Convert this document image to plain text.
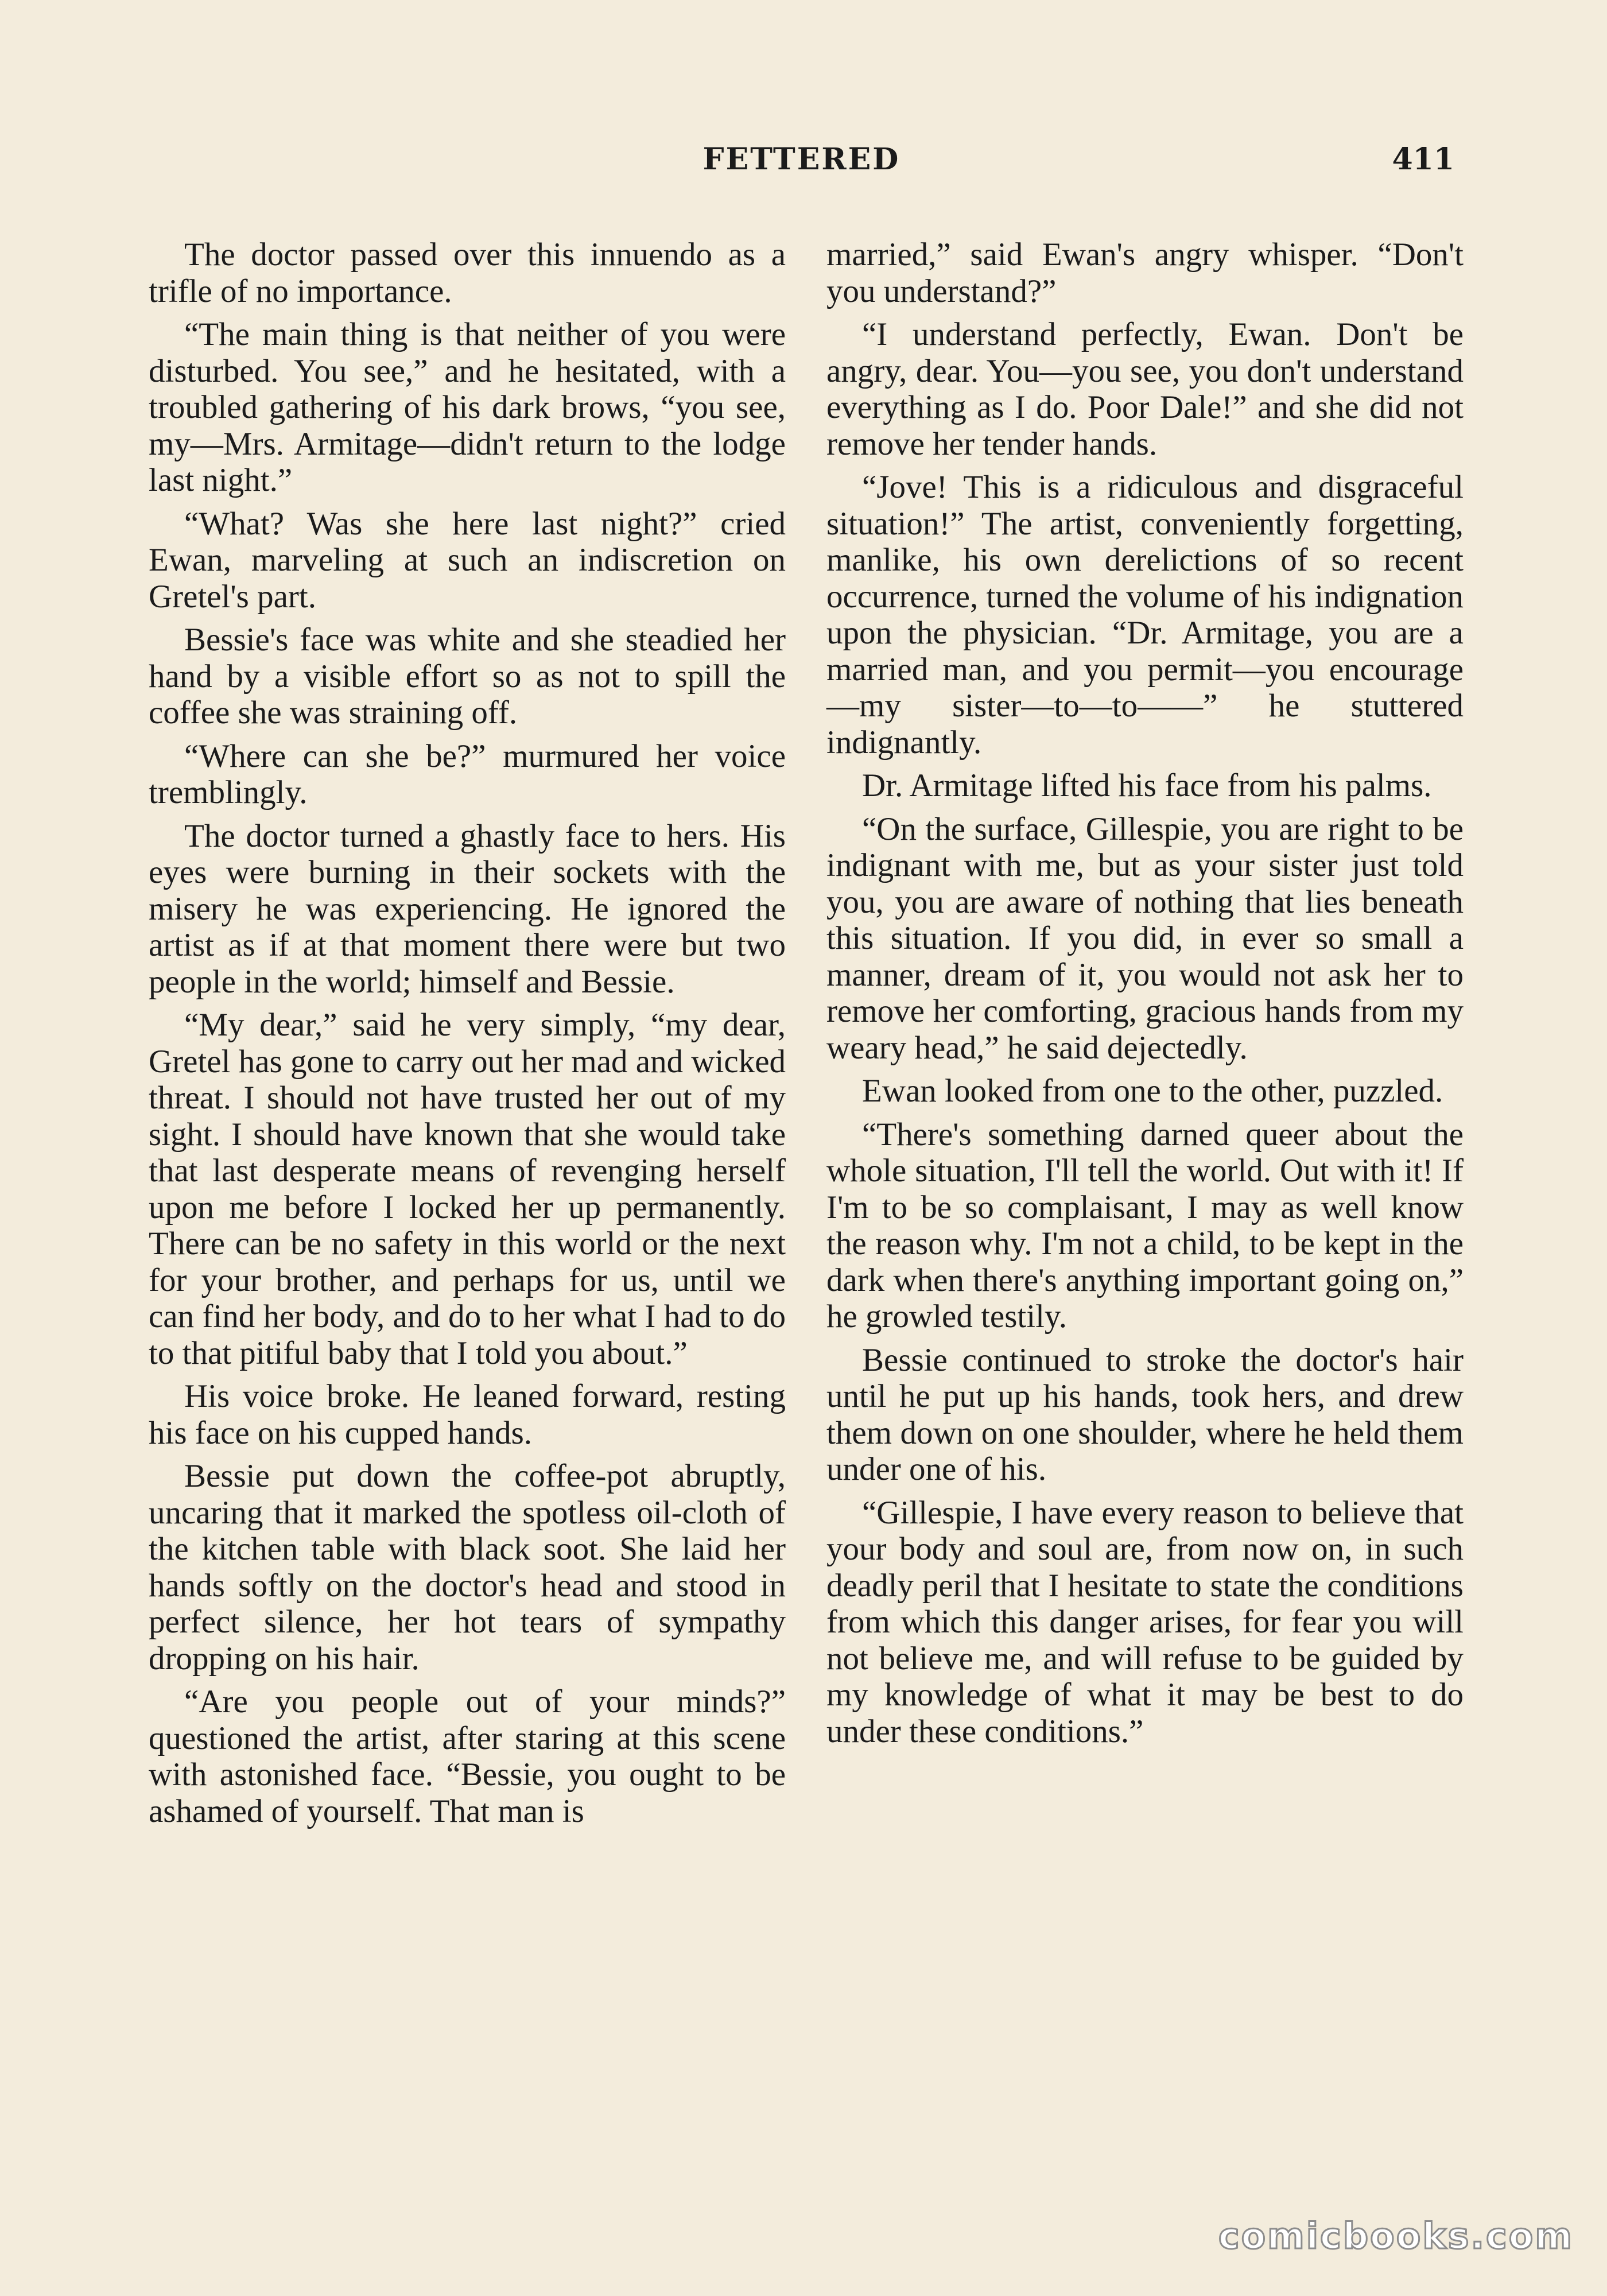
FETTERED	411

The doctor passed over this innuendo as a trifle of no importance.

“The main thing is that neither of you were disturbed. You see,” and he hesitated, with a troubled gathering of his dark brows, “you see, my—Mrs. Armitage—didn't return to the lodge last night.”

“What? Was she here last night?” cried Ewan, marveling at such an indiscretion on Gretel's part.

Bessie's face was white and she steadied her hand by a visible effort so as not to spill the coffee she was straining off.

“Where can she be?” murmured her voice tremblingly.

The doctor turned a ghastly face to hers. His eyes were burning in their sockets with the misery he was experiencing. He ignored the artist as if at that moment there were but two people in the world; himself and Bessie.

“My dear,” said he very simply, “my dear, Gretel has gone to carry out her mad and wicked threat. I should not have trusted her out of my sight. I should have known that she would take that last desperate means of revenging herself upon me before I locked her up permanently. There can be no safety in this world or the next for your brother, and perhaps for us, until we can find her body, and do to her what I had to do to that pitiful baby that I told you about.”

His voice broke. He leaned forward, resting his face on his cupped hands.

Bessie put down the coffee-pot abruptly, uncaring that it marked the spotless oil-cloth of the kitchen table with black soot. She laid her hands softly on the doctor's head and stood in perfect silence, her hot tears of sympathy dropping on his hair.

“Are you people out of your minds?” questioned the artist, after staring at this scene with astonished face. “Bessie, you ought to be ashamed of yourself. That man is

married,” said Ewan's angry whisper. “Don't you understand?”

“I understand perfectly, Ewan. Don't be angry, dear. You—you see, you don't understand everything as I do. Poor Dale!” and she did not remove her tender hands.

“Jove! This is a ridiculous and disgraceful situation!” The artist, conveniently forgetting, manlike, his own derelictions of so recent occurrence, turned the volume of his indignation upon the physician. “Dr. Armitage, you are a married man, and you permit—you encourage—my sister—to—to——” he stuttered indignantly.

Dr. Armitage lifted his face from his palms.

“On the surface, Gillespie, you are right to be indignant with me, but as your sister just told you, you are aware of nothing that lies beneath this situation. If you did, in ever so small a manner, dream of it, you would not ask her to remove her comforting, gracious hands from my weary head,” he said dejectedly.

Ewan looked from one to the other, puzzled.

“There's something darned queer about the whole situation, I'll tell the world. Out with it! If I'm to be so complaisant, I may as well know the reason why. I'm not a child, to be kept in the dark when there's anything important going on,” he growled testily.

Bessie continued to stroke the doctor's hair until he put up his hands, took hers, and drew them down on one shoulder, where he held them under one of his.

“Gillespie, I have every reason to believe that your body and soul are, from now on, in such deadly peril that I hesitate to state the conditions from which this danger arises, for fear you will not believe me, and will refuse to be guided by my knowledge of what it may be best to do under these conditions.”

comicbooks.com
